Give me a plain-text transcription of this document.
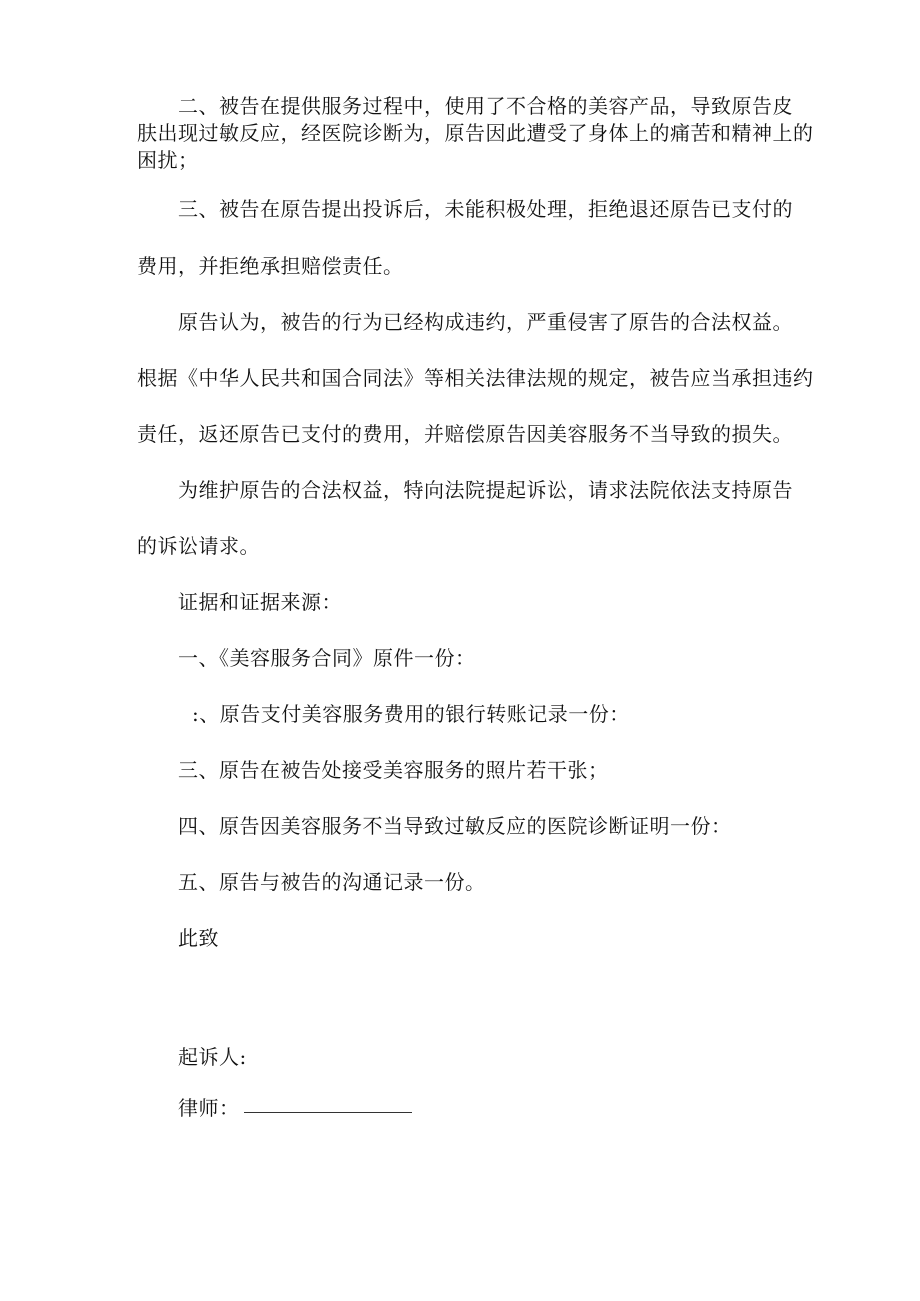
二、被告在提供服务过程中，使用了不合格的美容产品，导致原告皮
肤出现过敏反应，经医院诊断为，原告因此遭受了身体上的痛苦和精神上的
困扰；
三、被告在原告提出投诉后，未能积极处理，拒绝退还原告已支付的
费用，并拒绝承担赔偿责任。
原告认为，被告的行为已经构成违约，严重侵害了原告的合法权益。
根据《中华人民共和国合同法》等相关法律法规的规定，被告应当承担违约
责任，返还原告已支付的费用，并赔偿原告因美容服务不当导致的损失。
为维护原告的合法权益，特向法院提起诉讼，请求法院依法支持原告
的诉讼请求。
证据和证据来源：
一、《美容服务合同》原件一份：
:、原告支付美容服务费用的银行转账记录一份：
三、原告在被告处接受美容服务的照片若干张；
四、原告因美容服务不当导致过敏反应的医院诊断证明一份：
五、原告与被告的沟通记录一份。
此致
起诉人:
律师：
